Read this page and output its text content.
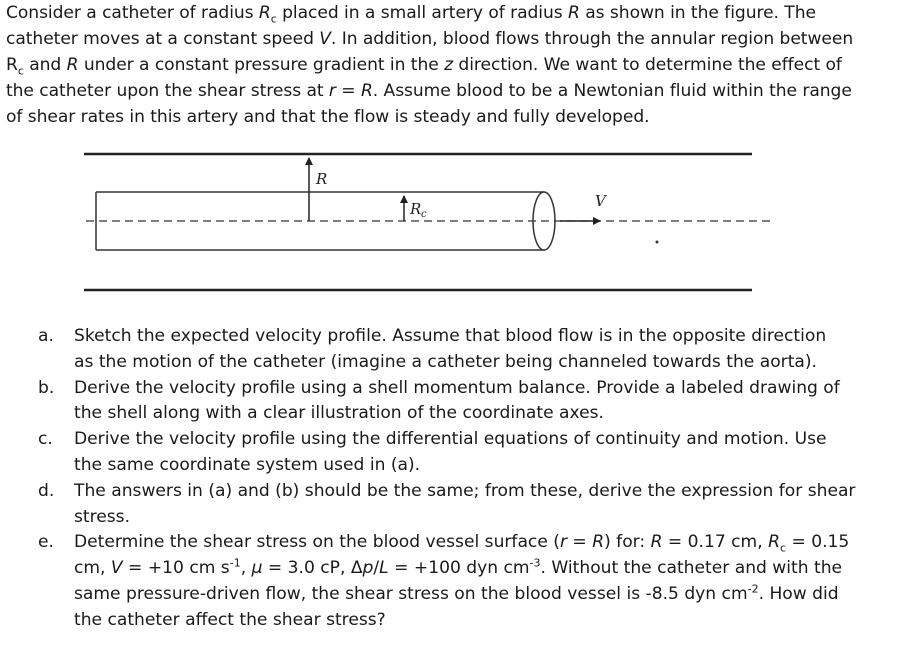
Consider a catheter of radius $R_c$ placed in a small artery of radius R as shown in the figure. The
catheter moves at a constant speed V. In addition, blood flows through the annular region between
$R_c$ and R under a constant pressure gradient in the z direction. We want to determine the effect of
the catheter upon the shear stress at r = R. Assume blood to be a Newtonian fluid within the range
of shear rates in this artery and that the flow is steady and fully developed.
R
R c
V
a. Sketch the expected velocity profile. Assume that blood flow is in the opposite direction
as the motion of the catheter (imagine a catheter being channeled towards the aorta).
b. Derive the velocity profile using a shell momentum balance. Provide a labeled drawing of
the shell along with a clear illustration of the coordinate axes.
c. Derive the velocity profile using the differential equations of continuity and motion. Use
the same coordinate system used in (a).
d. The answers in (a) and (b) should be the same; from these, derive the expression for shear
stress.
e. Determine the shear stress on the blood vessel surface (r = R) for: R = 0.17 cm, $R_c = 0.15$
cm, V = +10 cm $s^{-1}$, μ = 3.0 cP, Δp/L = +100 dyn $cm^{-3}$. Without the catheter and with the
same pressure-driven flow, the shear stress on the blood vessel is -8.5 dyn $cm^{-2}$. How did
the catheter affect the shear stress?
